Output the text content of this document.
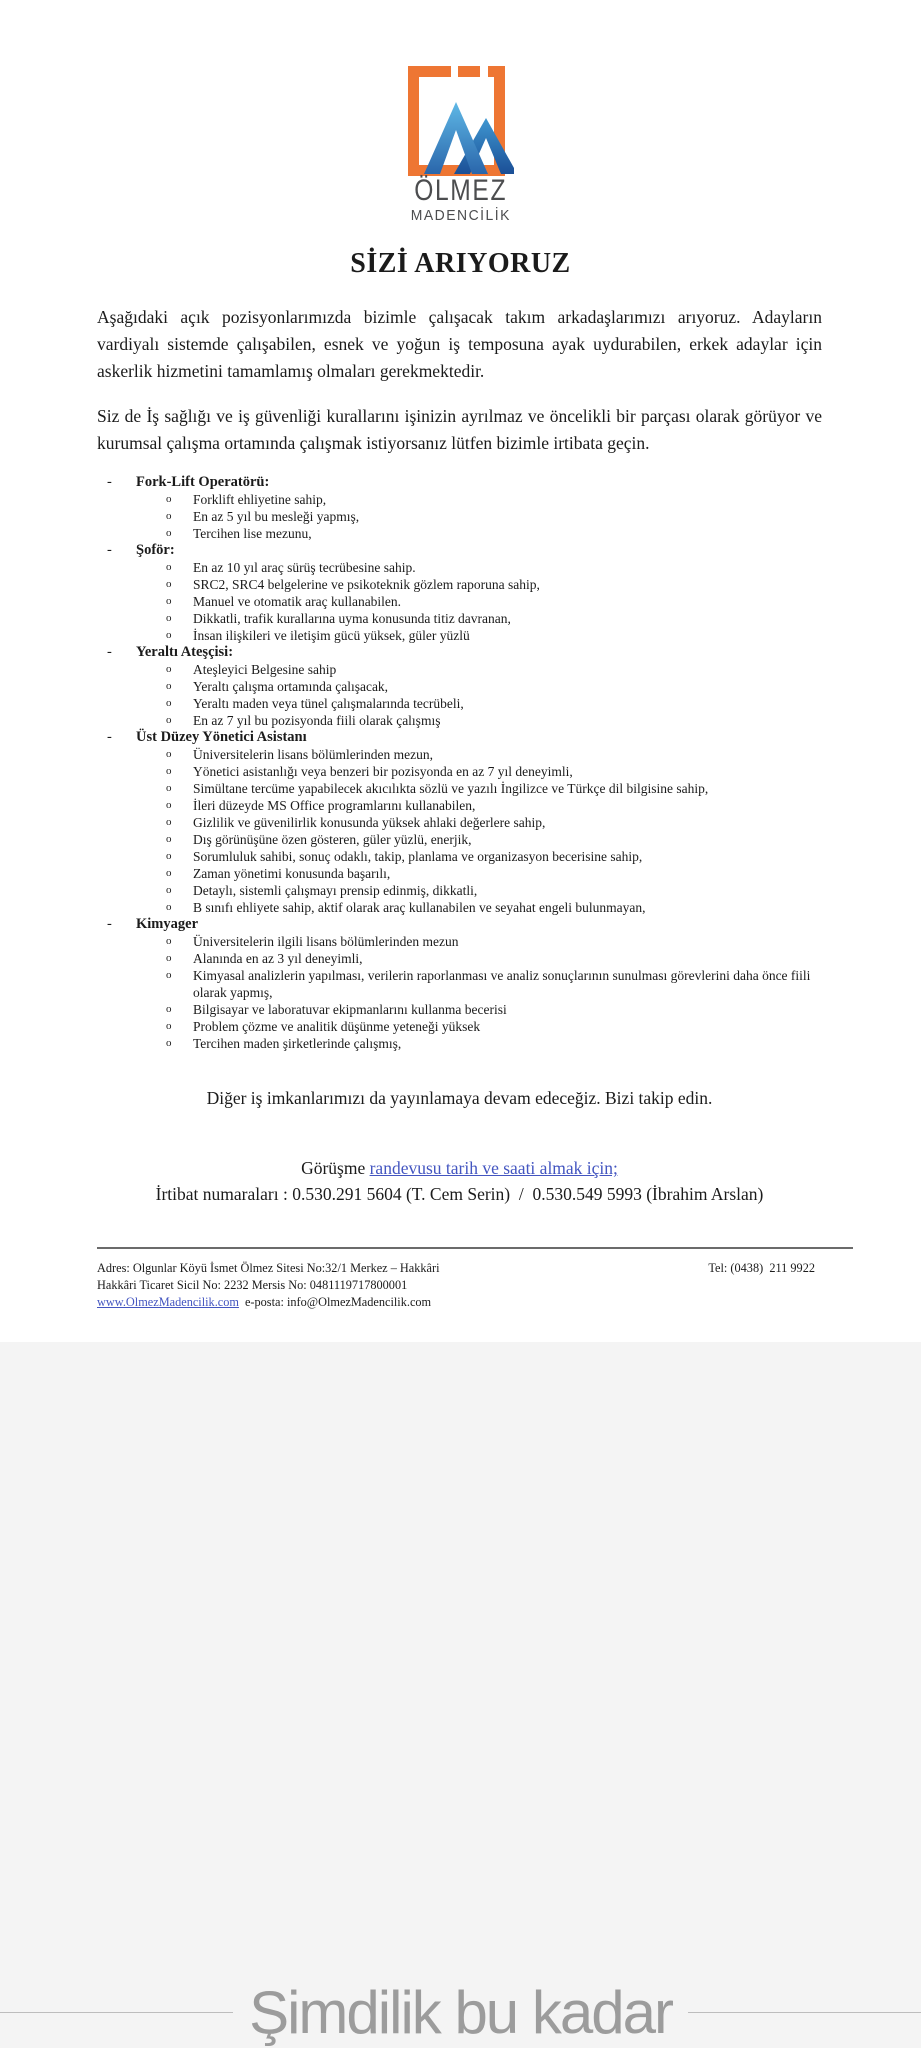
ÖLMEZ
MADENCİLİK
SİZİ ARIYORUZ

Aşağıdaki açık pozisyonlarımızda bizimle çalışacak takım arkadaşlarımızı arıyoruz. Adayların vardiyalı sistemde çalışabilen, esnek ve yoğun iş temposuna ayak uydurabilen, erkek adaylar için askerlik hizmetini tamamlamış olmaları gerekmektedir.

Siz de İş sağlığı ve iş güvenliği kurallarını işinizin ayrılmaz ve öncelikli bir parçası olarak görüyor ve kurumsal çalışma ortamında çalışmak istiyorsanız lütfen bizimle irtibata geçin.

-	Fork-Lift Operatörü:
o	Forklift ehliyetine sahip,
o	En az 5 yıl bu mesleği yapmış,
o	Tercihen lise mezunu,
-	Şoför:
o	En az 10 yıl araç sürüş tecrübesine sahip.
o	SRC2, SRC4 belgelerine ve psikoteknik gözlem raporuna sahip,
o	Manuel ve otomatik araç kullanabilen.
o	Dikkatli, trafik kurallarına uyma konusunda titiz davranan,
o	İnsan ilişkileri ve iletişim gücü yüksek, güler yüzlü
-	Yeraltı Ateşçisi:
o	Ateşleyici Belgesine sahip
o	Yeraltı çalışma ortamında çalışacak,
o	Yeraltı maden veya tünel çalışmalarında tecrübeli,
o	En az 7 yıl bu pozisyonda fiili olarak çalışmış
-	Üst Düzey Yönetici Asistanı
o	Üniversitelerin lisans bölümlerinden mezun,
o	Yönetici asistanlığı veya benzeri bir pozisyonda en az 7 yıl deneyimli,
o	Simültane tercüme yapabilecek akıcılıkta sözlü ve yazılı İngilizce ve Türkçe dil bilgisine sahip,
o	İleri düzeyde MS Office programlarını kullanabilen,
o	Gizlilik ve güvenilirlik konusunda yüksek ahlaki değerlere sahip,
o	Dış görünüşüne özen gösteren, güler yüzlü, enerjik,
o	Sorumluluk sahibi, sonuç odaklı, takip, planlama ve organizasyon becerisine sahip,
o	Zaman yönetimi konusunda başarılı,
o	Detaylı, sistemli çalışmayı prensip edinmiş, dikkatli,
o	B sınıfı ehliyete sahip, aktif olarak araç kullanabilen ve seyahat engeli bulunmayan,
-	Kimyager
o	Üniversitelerin ilgili lisans bölümlerinden mezun
o	Alanında en az 3 yıl deneyimli,
o	Kimyasal analizlerin yapılması, verilerin raporlanması ve analiz sonuçlarının sunulması görevlerini daha önce fiili olarak yapmış,
o	Bilgisayar ve laboratuvar ekipmanlarını kullanma becerisi
o	Problem çözme ve analitik düşünme yeteneği yüksek
o	Tercihen maden şirketlerinde çalışmış,
Diğer iş imkanlarımızı da yayınlamaya devam edeceğiz. Bizi takip edin.
Görüşme randevusu tarih ve saati almak için;
İrtibat numaraları : 0.530.291 5604 (T. Cem Serin)  /  0.530.549 5993 (İbrahim Arslan)
Adres: Olgunlar Köyü İsmet Ölmez Sitesi No:32/1 Merkez – Hakkâri	Tel: (0438)  211 9922
Hakkâri Ticaret Sicil No: 2232 Mersis No: 0481119717800001
www.OlmezMadencilik.com e-posta: info@OlmezMadencilik.com
Şimdilik bu kadar
